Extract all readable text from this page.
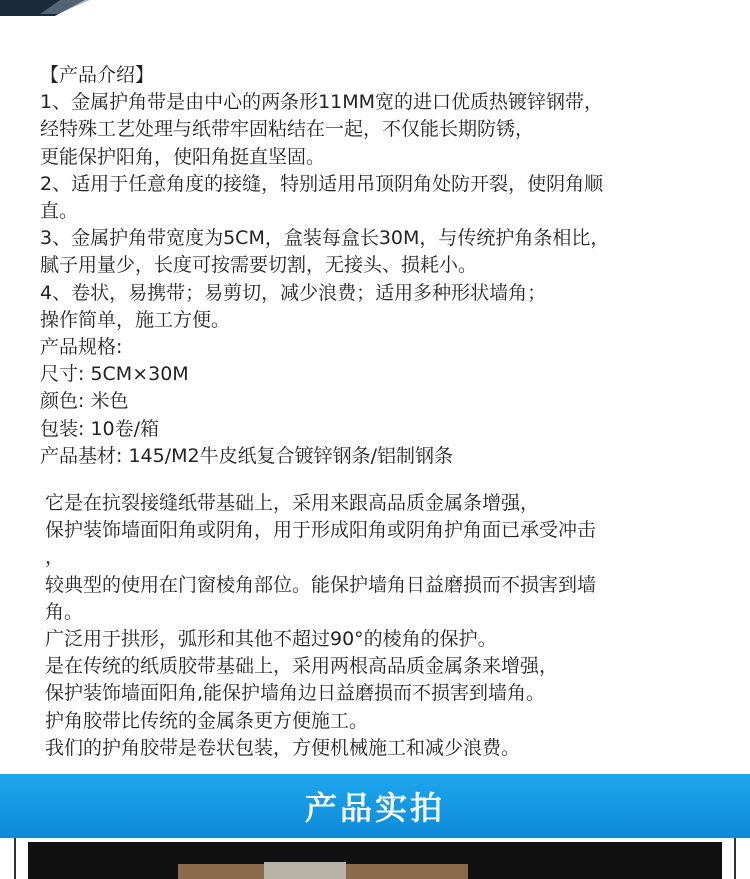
【产品介绍】
1、金属护角带是由中心的两条形11MM宽的进口优质热镀锌钢带，
经特殊工艺处理与纸带牢固粘结在一起，不仅能长期防锈，
更能保护阳角，使阳角挺直坚固。
2、适用于任意角度的接缝，特别适用吊顶阴角处防开裂，使阴角顺
直。
3、金属护角带宽度为5CM，盒装每盒长30M，与传统护角条相比，
腻子用量少，长度可按需要切割，无接头、损耗小。
4、卷状，易携带；易剪切，减少浪费；适用多种形状墙角；
操作简单，施工方便。
产品规格:
尺寸: 5CM×30M
颜色: 米色
包装: 10卷/箱
产品基材: 145/M2牛皮纸复合镀锌钢条/铝制钢条
它是在抗裂接缝纸带基础上，采用来跟高品质金属条增强，
保护装饰墙面阳角或阴角，用于形成阳角或阴角护角面已承受冲击
，
较典型的使用在门窗棱角部位。能保护墙角日益磨损而不损害到墙
角。
广泛用于拱形，弧形和其他不超过90°的棱角的保护。
是在传统的纸质胶带基础上，采用两根高品质金属条来增强，
保护装饰墙面阳角,能保护墙角边日益磨损而不损害到墙角。
护角胶带比传统的金属条更方便施工。
我们的护角胶带是卷状包装，方便机械施工和减少浪费。
产品实拍
